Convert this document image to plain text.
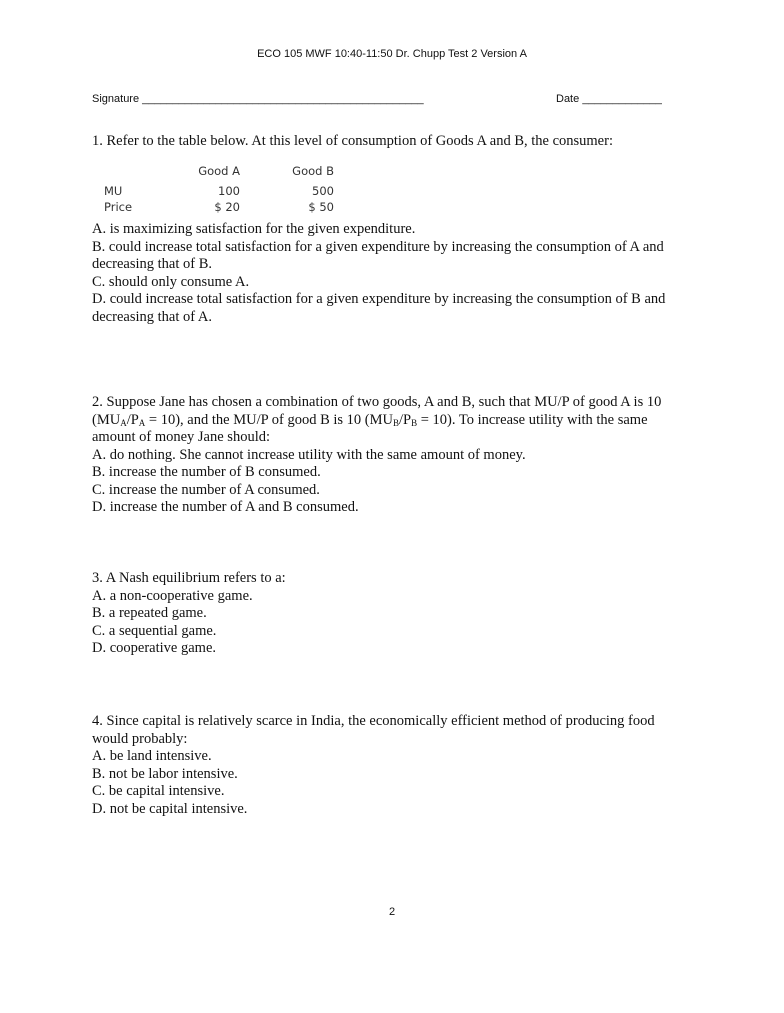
ECO 105 MWF 10:40-11:50 Dr. Chupp Test 2 Version A
Signature ______________________________________________	Date _____________

1. Refer to the table below. At this level of consumption of Goods A and B, the consumer:

	Good A	Good B
MU	100	500
Price	$ 20	$ 50

A. is maximizing satisfaction for the given expenditure.

B. could increase total satisfaction for a given expenditure by increasing the consumption of A and decreasing that of B.

C. should only consume A.

D. could increase total satisfaction for a given expenditure by increasing the consumption of B and decreasing that of A.

2. Suppose Jane has chosen a combination of two goods, A and B, such that MU/P of good A is 10 $(MU_A/P_A = 10)$, and the MU/P of good B is 10 $(MU_B/P_B = 10)$. To increase utility with the same amount of money Jane should:

A. do nothing. She cannot increase utility with the same amount of money.

B. increase the number of B consumed.

C. increase the number of A consumed.

D. increase the number of A and B consumed.

3. A Nash equilibrium refers to a:

A. a non-cooperative game.

B. a repeated game.

C. a sequential game.

D. cooperative game.

4. Since capital is relatively scarce in India, the economically efficient method of producing food would probably:

A. be land intensive.

B. not be labor intensive.

C. be capital intensive.

D. not be capital intensive.

2
